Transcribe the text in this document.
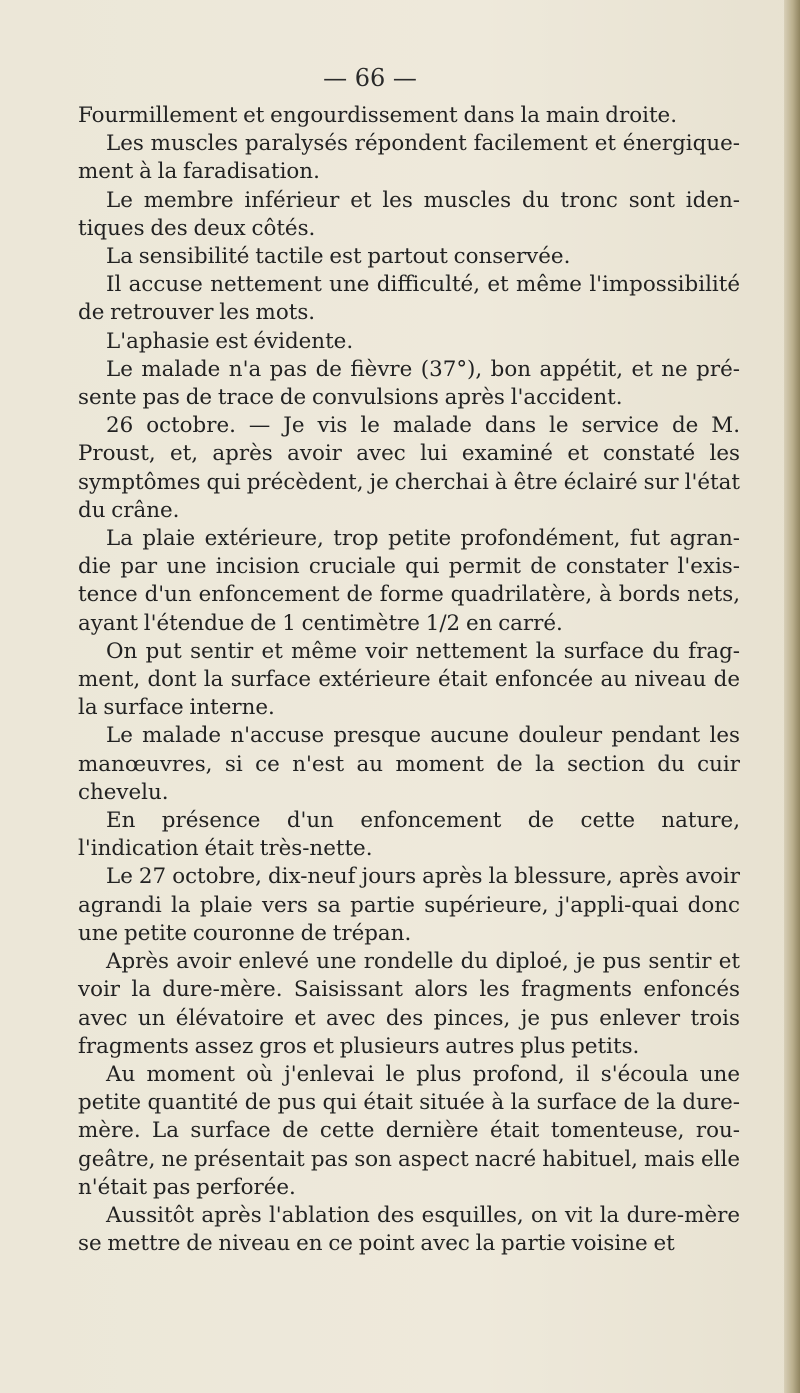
— 66 —

Fourmillement et engourdissement dans la main droite.

Les muscles paralysés répondent facilement et énergique-ment à la faradisation.

Le membre inférieur et les muscles du tronc sont iden-tiques des deux côtés.

La sensibilité tactile est partout conservée.

Il accuse nettement une difficulté, et même l'impossibilité de retrouver les mots.

L'aphasie est évidente.

Le malade n'a pas de fièvre (37°), bon appétit, et ne pré-sente pas de trace de convulsions après l'accident.

26 octobre. — Je vis le malade dans le service de M. Proust, et, après avoir avec lui examiné et constaté les symptômes qui précèdent, je cherchai à être éclairé sur l'état du crâne.

La plaie extérieure, trop petite profondément, fut agran-die par une incision cruciale qui permit de constater l'exis-tence d'un enfoncement de forme quadrilatère, à bords nets, ayant l'étendue de 1 centimètre 1/2 en carré.

On put sentir et même voir nettement la surface du frag-ment, dont la surface extérieure était enfoncée au niveau de la surface interne.

Le malade n'accuse presque aucune douleur pendant les manœuvres, si ce n'est au moment de la section du cuir chevelu.

En présence d'un enfoncement de cette nature, l'indication était très-nette.

Le 27 octobre, dix-neuf jours après la blessure, après avoir agrandi la plaie vers sa partie supérieure, j'appli-quai donc une petite couronne de trépan.

Après avoir enlevé une rondelle du diploé, je pus sentir et voir la dure-mère. Saisissant alors les fragments enfoncés avec un élévatoire et avec des pinces, je pus enlever trois fragments assez gros et plusieurs autres plus petits.

Au moment où j'enlevai le plus profond, il s'écoula une petite quantité de pus qui était située à la surface de la dure-mère. La surface de cette dernière était tomenteuse, rou-geâtre, ne présentait pas son aspect nacré habituel, mais elle n'était pas perforée.

Aussitôt après l'ablation des esquilles, on vit la dure-mère se mettre de niveau en ce point avec la partie voisine et
